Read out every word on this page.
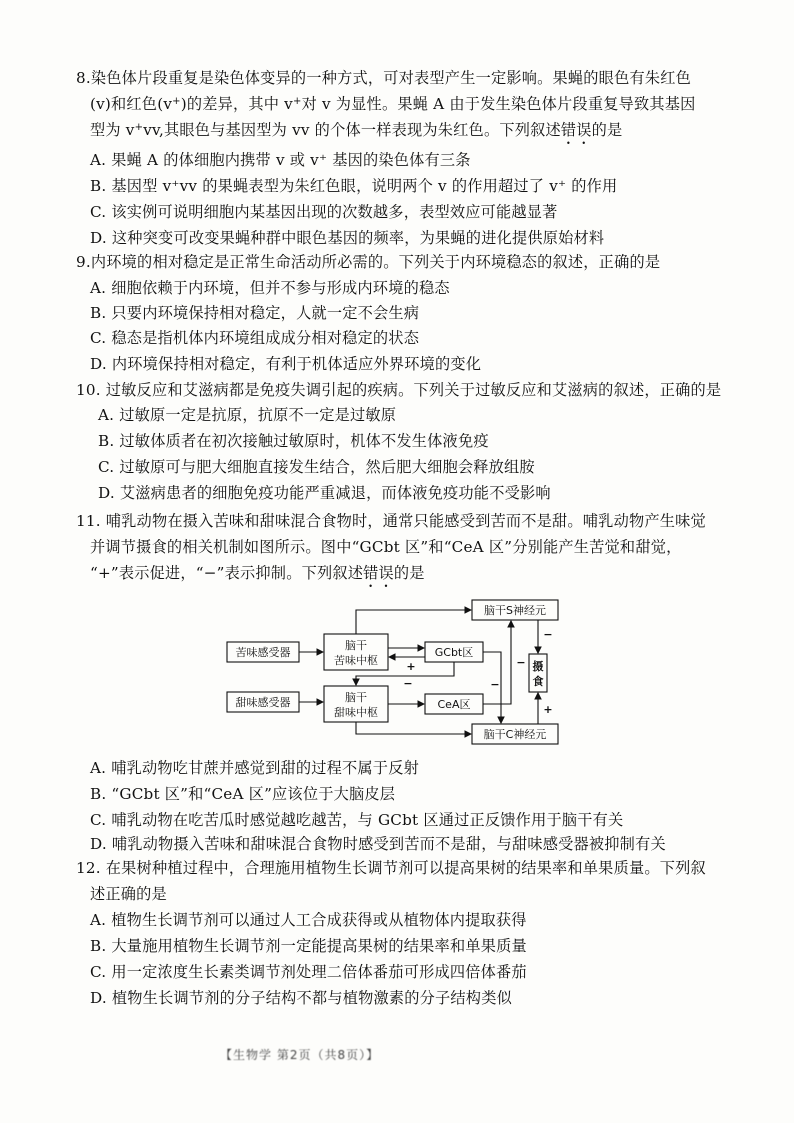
8.染色体片段重复是染色体变异的一种方式，可对表型产生一定影响。果蝇的眼色有朱红色
(v)和红色(v+)的差异，其中 v+对 v 为显性。果蝇 A 由于发生染色体片段重复导致其基因
型为 v+vv,其眼色与基因型为 vv 的个体一样表现为朱红色。下列叙述错误的是
A. 果蝇 A 的体细胞内携带 v 或 v⁺ 基因的染色体有三条
B. 基因型 v⁺vv 的果蝇表型为朱红色眼，说明两个 v 的作用超过了 v⁺ 的作用
C. 该实例可说明细胞内某基因出现的次数越多，表型效应可能越显著
D. 这种突变可改变果蝇种群中眼色基因的频率，为果蝇的进化提供原始材料
9.内环境的相对稳定是正常生命活动所必需的。下列关于内环境稳态的叙述，正确的是
A. 细胞依赖于内环境，但并不参与形成内环境的稳态
B. 只要内环境保持相对稳定，人就一定不会生病
C. 稳态是指机体内环境组成成分相对稳定的状态
D. 内环境保持相对稳定，有利于机体适应外界环境的变化
10. 过敏反应和艾滋病都是免疫失调引起的疾病。下列关于过敏反应和艾滋病的叙述，正确的是
A. 过敏原一定是抗原，抗原不一定是过敏原
B. 过敏体质者在初次接触过敏原时，机体不发生体液免疫
C. 过敏原可与肥大细胞直接发生结合，然后肥大细胞会释放组胺
D. 艾滋病患者的细胞免疫功能严重减退，而体液免疫功能不受影响
11. 哺乳动物在摄入苦味和甜味混合食物时，通常只能感受到苦而不是甜。哺乳动物产生味觉
并调节摄食的相关机制如图所示。图中“GCbt 区”和“CeA 区”分别能产生苦觉和甜觉，
“+”表示促进，“−”表示抑制。下列叙述错误的是
苦味感受器
脑干
苦味中枢
GCbt区
甜味感受器	脑干
甜味中枢
CeA区
脑干S神经元
脑干C神经元
摄
食
+
−	−
−
−
+
A. 哺乳动物吃甘蔗并感觉到甜的过程不属于反射
B. “GCbt 区”和“CeA 区”应该位于大脑皮层
C. 哺乳动物在吃苦瓜时感觉越吃越苦，与 GCbt 区通过正反馈作用于脑干有关
D. 哺乳动物摄入苦味和甜味混合食物时感受到苦而不是甜，与甜味感受器被抑制有关
12. 在果树种植过程中，合理施用植物生长调节剂可以提高果树的结果率和单果质量。下列叙
述正确的是
A. 植物生长调节剂可以通过人工合成获得或从植物体内提取获得
B. 大量施用植物生长调节剂一定能提高果树的结果率和单果质量
C. 用一定浓度生长素类调节剂处理二倍体番茄可形成四倍体番茄
D. 植物生长调节剂的分子结构不都与植物激素的分子结构类似
【生物学 第2页（共8页）】
